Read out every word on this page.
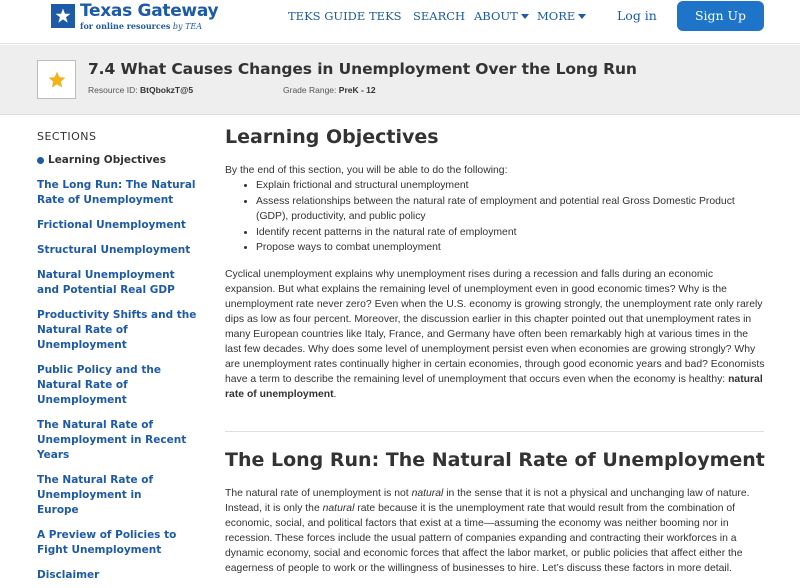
Texas Gateway
for online resources by TEA
TEKS GUIDE TEKS SEARCH ABOUT	MORE	Log in	Sign Up
7.4 What Causes Changes in Unemployment Over the Long Run
Resource ID: BtQbokzT@5	Grade Range: PreK - 12
SECTIONS
Learning Objectives
The Long Run: The Natural Rate of Unemployment
Frictional Unemployment
Structural Unemployment
Natural Unemployment and Potential Real GDP
Productivity Shifts and the Natural Rate of Unemployment
Public Policy and the Natural Rate of Unemployment
The Natural Rate of Unemployment in Recent Years
The Natural Rate of Unemployment in Europe
A Preview of Policies to Fight Unemployment
Disclaimer
Learning Objectives
By the end of this section, you will be able to do the following:
• Explain frictional and structural unemployment
• Assess relationships between the natural rate of employment and potential real Gross Domestic Product (GDP), productivity, and public policy
• Identify recent patterns in the natural rate of employment
• Propose ways to combat unemployment
Cyclical unemployment explains why unemployment rises during a recession and falls during an economic expansion. But what explains the remaining level of unemployment even in good economic times? Why is the unemployment rate never zero? Even when the U.S. economy is growing strongly, the unemployment rate only rarely dips as low as four percent. Moreover, the discussion earlier in this chapter pointed out that unemployment rates in many European countries like Italy, France, and Germany have often been remarkably high at various times in the last few decades. Why does some level of unemployment persist even when economies are growing strongly? Why are unemployment rates continually higher in certain economies, through good economic years and bad? Economists have a term to describe the remaining level of unemployment that occurs even when the economy is healthy: natural rate of unemployment.
The Long Run: The Natural Rate of Unemployment
The natural rate of unemployment is not natural in the sense that it is not a physical and unchanging law of nature. Instead, it is only the natural rate because it is the unemployment rate that would result from the combination of economic, social, and political factors that exist at a time—assuming the economy was neither booming nor in recession. These forces include the usual pattern of companies expanding and contracting their workforces in a dynamic economy, social and economic forces that affect the labor market, or public policies that affect either the eagerness of people to work or the willingness of businesses to hire. Let’s discuss these factors in more detail.
